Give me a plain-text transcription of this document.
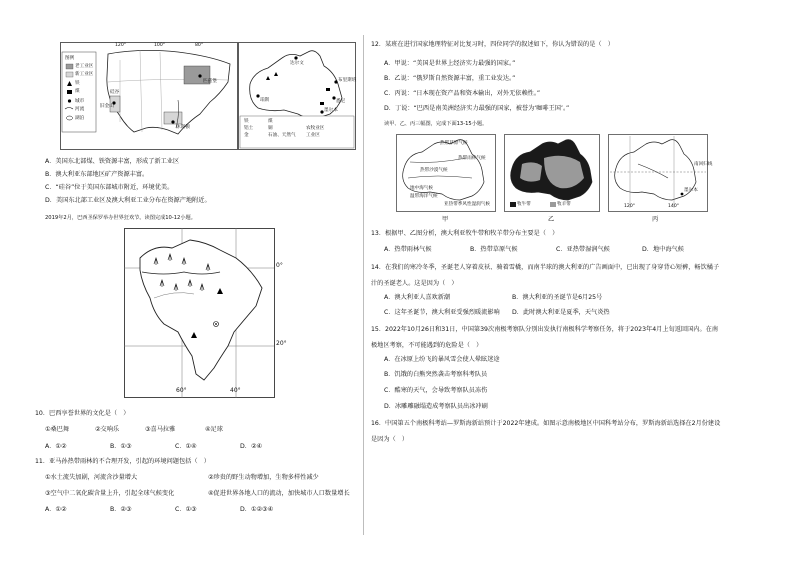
120°	100°	80°
图例
老工业区
新工业区
铁
煤
城市
河流
湖泊
旧金山
匹兹堡
休斯顿
硅谷
珀斯	悉尼
墨尔本
布里斯班
达尔文
铁	煤
铝土	铜
金	石油、天然气
农牧业区
工业区
A．美国东北部煤、铁资源丰富，形成了新工业区
B．澳大利亚东部地区矿产资源丰富。
C．“硅谷”位于美国东部城市附近，环境优美。
D．美国东北部工业区及澳大利亚工业分布在资源产地附近。
2019年2月，巴西圣保罗举办世界狂欢节。读图完成10-12小题。
0°
20°
60°	40°
10．巴西享誉世界的文化是（　）
①桑巴舞	②交响乐	③喜马拉雅	④足球
A．①②	B．①③	C．①④	D．②④
11．亚马孙热带雨林的不合理开发，引起的环境问题包括（　）
①水土流失加剧，河流含沙量增大	②珍贵的野生动物增加，生物多样性减少
③空气中二氧化碳含量上升，引起全球气候变化	④促进世界各地人口的流动，加快城市人口数量增长
A．①②	B．②③	C．①③	D．①②③④
12．某班在进行国家地理特征对比复习时，四位同学的叙述如下，你认为错误的是（　）
A．甲说：“美国是世界上经济实力最强的国家。”
B．乙说：“俄罗斯自然资源丰富，重工业发达。”
C．丙说：“日本现在资产品和资本输出，对外无依赖性。”
D．丁说：“巴西是南美洲经济实力最强的国家，被誉为‘咖啡王国’。”
读甲、乙、丙三幅图，完成下面13-15小题。
热带草原气候
热带雨林气候
热带沙漠气候
地中海气候
温带海洋气候
亚热带季风性湿润气候
甲
牧牛带	牧羊带
乙
120°	140°
南回归线
墨尔本
丙
13．根据甲、乙图分析，澳大利亚牧牛带和牧羊带分布主要是（　）
A．热带雨林气候	B．热带草原气候	C．亚热带湿润气候	D．地中海气候
14．在我们的寒冷冬季，圣诞老人穿着皮袄、骑着雪橇，而南半球的澳大利亚的广告画面中，已出现了身穿背心短裤，畅饮橘子汁的圣诞老人。这是因为（　）
A．澳大利亚人喜欢新潮	B．澳大利亚的圣诞节是6月25号
C．这年圣诞节，澳大利亚受强烈暖流影响 D．此时澳大利亚是夏季，天气炎热
15．2022年10月26日和31日，中国第39次南极考察队分别出发执行南极科学考察任务，将于2023年4月上旬返回国内。在南极地区考察，不可能遇到的危险是（　）
A．在冰原上纷飞的暴风雪会使人晕眩迷途
B．饥饿的白熊突然袭击考察科考队员
C．酷寒的天气，会导致考察队员冻伤
D．冰雕雕融塌造成考察队员出冰冲刷
16．中国第五个南极科考站—罗斯海新站预计于2022年建成。如图示意南极地区中国科考站分布，罗斯海新站选择在2月份建设是因为（　）
